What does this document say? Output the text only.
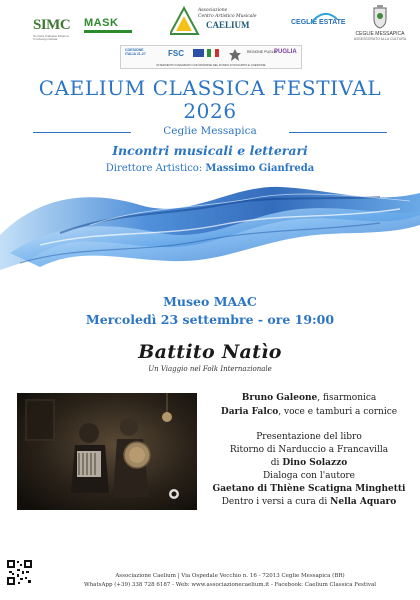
SIMC
Società Italiana Musica Contemporanea
MASK
Associazione
Centro Artistico Musicale
CAELIUM	CEGLIE ESTATE
CEGLIE MESSAPICA
ASSESSORATO ALLA CULTURA
COESIONE ITALIA 21-27	FSC	REGIONE PUGLIA
PUGLIA
INTERVENTO FINANZIATO CON RISORSE DEL FONDO DI SVILUPPO E COESIONE
CAELIUM CLASSICA FESTIVAL
2026
Ceglie Messapica
Incontri musicali e letterari
Direttore Artistico: Massimo Gianfreda
Museo MAAC
Mercoledì 23 settembre - ore 19:00
Battito Natìo
Un Viaggio nel Folk Internazionale
Bruno Galeone, fisarmonica
Daria Falco, voce e tamburi a cornice
Presentazione del libro
Ritorno di Narduccio a Francavilla
di Dino Solazzo
Dialoga con l'autore
Gaetano di Thiène Scatigna Minghetti
Dentro i versi a cura di Nella Aquaro
Associazione Caelium | Via Ospedale Vecchio n. 16 - 72013 Ceglie Messapica (BR)
WhatsApp (+39) 338 728 6187 - Web: www.associazionecaelium.it - Facebook: Caelium Classica Festival
